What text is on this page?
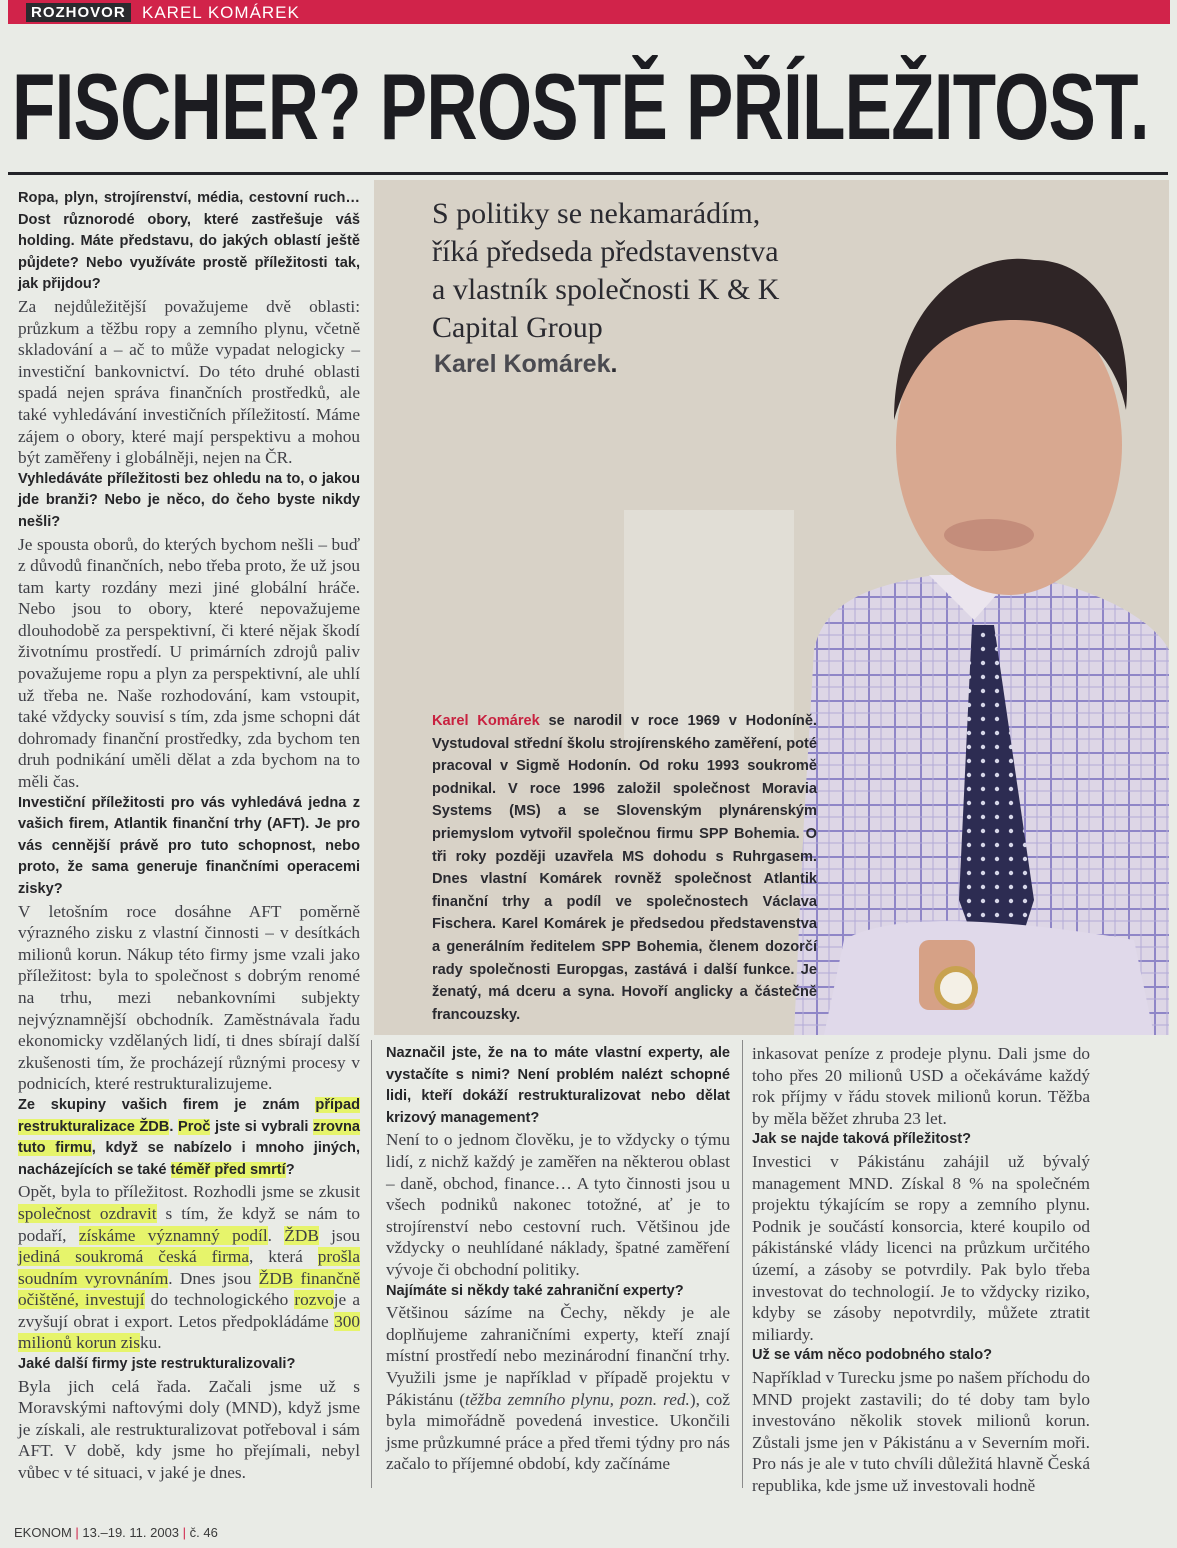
ROZHOVOR KAREL KOMÁREK
FISCHER? PROSTĚ PŘÍLEŽITOST.

S politiky se nekamarádím, říká předseda představenstva a vlastník společnosti K & K Capital Group

Karel Komárek.

Karel Komárek se narodil v roce 1969 v Hodoníně. Vystudoval střední školu strojírenského zaměření, poté pracoval v Sigmě Hodonín. Od roku 1993 soukromě podnikal. V roce 1996 založil společnost Moravia Systems (MS) a se Slovenským plynárenským priemyslom vytvořil společnou firmu SPP Bohemia. O tři roky později uzavřela MS dohodu s Ruhrgasem. Dnes vlastní Komárek rovněž společnost Atlantik finanční trhy a podíl ve společnostech Václava Fischera. Karel Komárek je předsedou představenstva a generálním ředitelem SPP Bohemia, členem dozorčí rady společnosti Europgas, zastává i další funkce. Je ženatý, má dceru a syna. Hovoří anglicky a částečně francouzsky.

Ropa, plyn, strojírenství, média, cestovní ruch… Dost různorodé obory, které zastřešuje váš holding. Máte představu, do jakých oblastí ještě půjdete? Nebo využíváte prostě příležitosti tak, jak přijdou?

Za nejdůležitější považujeme dvě oblasti: průzkum a těžbu ropy a zemního plynu, včetně skladování a – ač to může vypadat nelogicky – investiční bankovnictví. Do této druhé oblasti spadá nejen správa finančních prostředků, ale také vyhledávání investičních příležitostí. Máme zájem o obory, které mají perspektivu a mohou být zaměřeny i globálněji, nejen na ČR.

Vyhledáváte příležitosti bez ohledu na to, o jakou jde branži? Nebo je něco, do čeho byste nikdy nešli?

Je spousta oborů, do kterých bychom nešli – buď z důvodů finančních, nebo třeba proto, že už jsou tam karty rozdány mezi jiné globální hráče. Nebo jsou to obory, které nepovažujeme dlouhodobě za perspektivní, či které nějak škodí životnímu prostředí. U primárních zdrojů paliv považujeme ropu a plyn za perspektivní, ale uhlí už třeba ne. Naše rozhodování, kam vstoupit, také vždycky souvisí s tím, zda jsme schopni dát dohromady finanční prostředky, zda bychom ten druh podnikání uměli dělat a zda bychom na to měli čas.

Investiční příležitosti pro vás vyhledává jedna z vašich firem, Atlantik finanční trhy (AFT). Je pro vás cennější právě pro tuto schopnost, nebo proto, že sama generuje finančními operacemi zisky?

V letošním roce dosáhne AFT poměrně výrazného zisku z vlastní činnosti – v desítkách milionů korun. Nákup této firmy jsme vzali jako příležitost: byla to společnost s dobrým renomé na trhu, mezi nebankovními subjekty nejvýznamnější obchodník. Zaměstnávala řadu ekonomicky vzdělaných lidí, ti dnes sbírají další zkušenosti tím, že procházejí různými procesy v podnicích, které restrukturalizujeme.

Ze skupiny vašich firem je znám případ restrukturalizace ŽDB. Proč jste si vybrali zrovna tuto firmu, když se nabízelo i mnoho jiných, nacházejících se také téměř před smrtí?

Opět, byla to příležitost. Rozhodli jsme se zkusit společnost ozdravit s tím, že když se nám to podaří, získáme významný podíl. ŽDB jsou jediná soukromá česká firma, která prošla soudním vyrovnáním. Dnes jsou ŽDB finančně očištěné, investují do technologického rozvoje a zvyšují obrat i export. Letos předpokládáme 300 milionů korun zisku.

Jaké další firmy jste restrukturalizovali?

Byla jich celá řada. Začali jsme už s Moravskými naftovými doly (MND), když jsme je získali, ale restrukturalizovat potřeboval i sám AFT. V době, kdy jsme ho přejímali, nebyl vůbec v té situaci, v jaké je dnes.

Naznačil jste, že na to máte vlastní experty, ale vystačíte s nimi? Není problém nalézt schopné lidi, kteří dokáží restrukturalizovat nebo dělat krizový management?

Není to o jednom člověku, je to vždycky o týmu lidí, z nichž každý je zaměřen na některou oblast – daně, obchod, finance… A tyto činnosti jsou u všech podniků nakonec totožné, ať je to strojírenství nebo cestovní ruch. Většinou jde vždycky o neuhlídané náklady, špatné zaměření vývoje či obchodní politiky.

Najímáte si někdy také zahraniční experty?

Většinou sázíme na Čechy, někdy je ale doplňujeme zahraničními experty, kteří znají místní prostředí nebo mezinárodní finanční trhy. Využili jsme je například v případě projektu v Pákistánu (těžba zemního plynu, pozn. red.), což byla mimořádně povedená investice. Ukončili jsme průzkumné práce a před třemi týdny pro nás začalo to příjemné období, kdy začínáme

inkasovat peníze z prodeje plynu. Dali jsme do toho přes 20 milionů USD a očekáváme každý rok příjmy v řádu stovek milionů korun. Těžba by měla běžet zhruba 23 let.

Jak se najde taková příležitost?

Investici v Pákistánu zahájil už bývalý management MND. Získal 8 % na společném projektu týkajícím se ropy a zemního plynu. Podnik je součástí konsorcia, které koupilo od pákistánské vlády licenci na průzkum určitého území, a zásoby se potvrdily. Pak bylo třeba investovat do technologií. Je to vždycky riziko, kdyby se zásoby nepotvrdily, můžete ztratit miliardy.

Už se vám něco podobného stalo?

Například v Turecku jsme po našem příchodu do MND projekt zastavili; do té doby tam bylo investováno několik stovek milionů korun. Zůstali jsme jen v Pákistánu a v Severním moři. Pro nás je ale v tuto chvíli důležitá hlavně Česká republika, kde jsme už investovali hodně

EKONOM | 13.–19. 11. 2003 | č. 46
